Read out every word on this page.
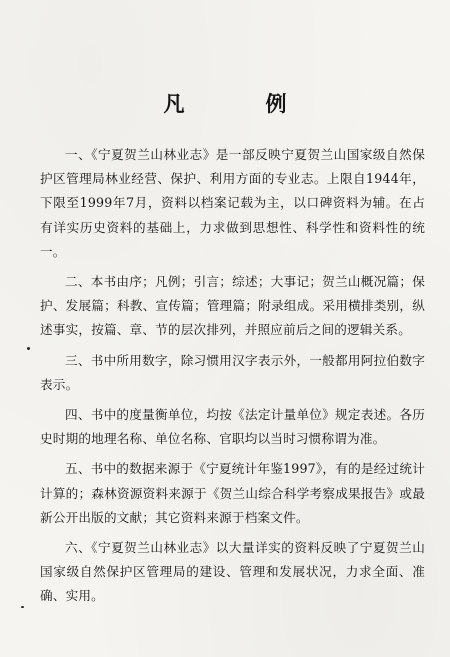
凡　例

一、《宁夏贺兰山林业志》是一部反映宁夏贺兰山国家级自然保护区管理局林业经营、保护、利用方面的专业志。上限自1944年，下限至1999年7月，资料以档案记载为主，以口碑资料为辅。在占有详实历史资料的基础上，力求做到思想性、科学性和资料性的统一。

二、本书由序；凡例；引言；综述；大事记；贺兰山概况篇；保护、发展篇；科教、宣传篇；管理篇；附录组成。采用横排类别，纵述事实，按篇、章、节的层次排列，并照应前后之间的逻辑关系。

三、书中所用数字，除习惯用汉字表示外，一般都用阿拉伯数字表示。

四、书中的度量衡单位，均按《法定计量单位》规定表述。各历史时期的地理名称、单位名称、官职均以当时习惯称谓为准。

五、书中的数据来源于《宁夏统计年鉴1997》，有的是经过统计计算的；森林资源资料来源于《贺兰山综合科学考察成果报告》或最新公开出版的文献；其它资料来源于档案文件。

六、《宁夏贺兰山林业志》以大量详实的资料反映了宁夏贺兰山国家级自然保护区管理局的建设、管理和发展状况，力求全面、准确、实用。
